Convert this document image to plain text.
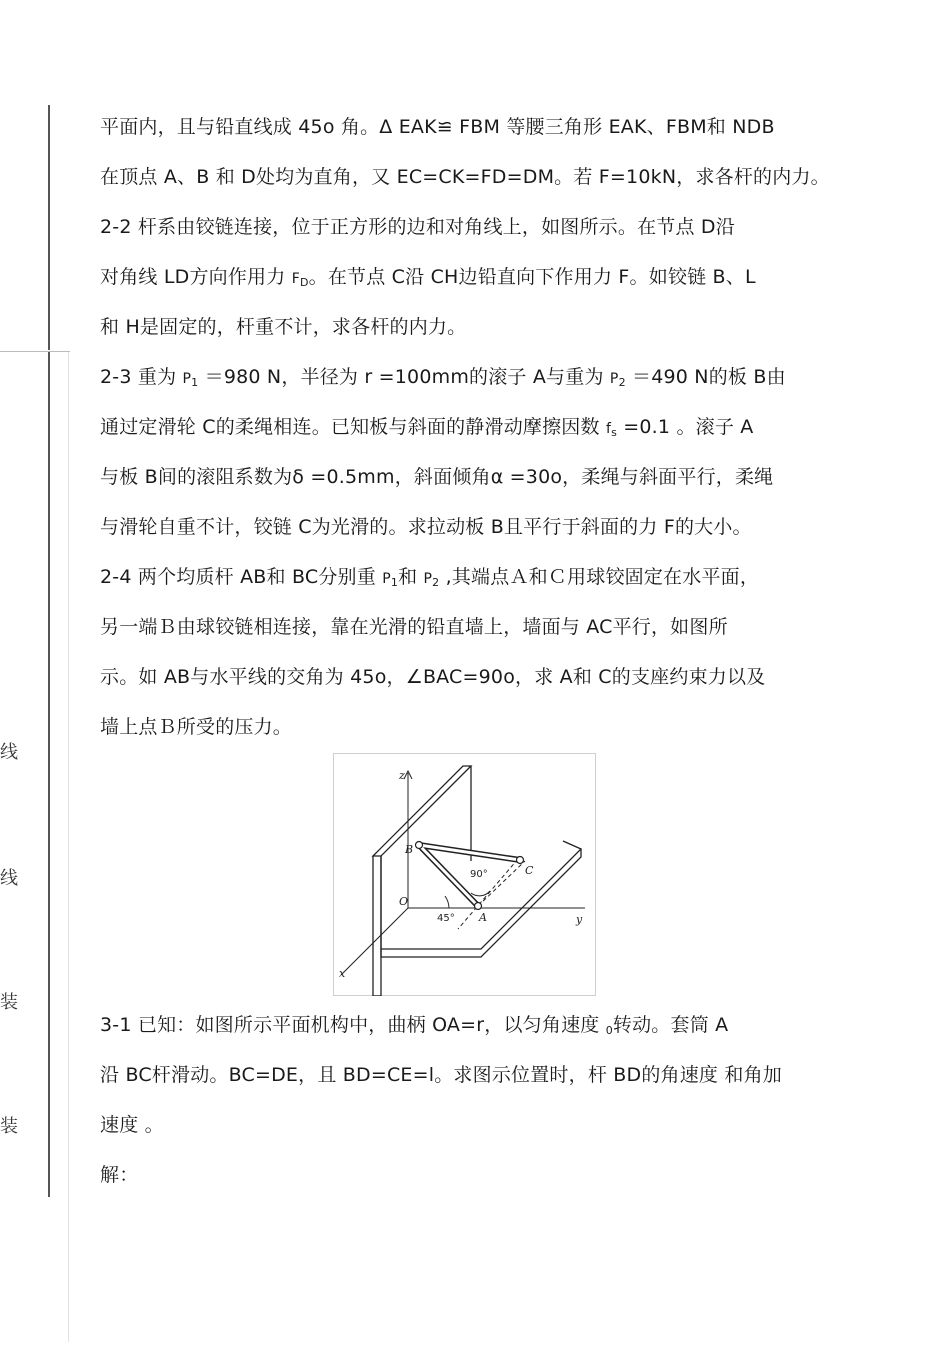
线
线
装
装
平面内，且与铅直线成 45o 角。Δ EAK≌ FBM 等腰三角形 EAK、FBM和 NDB
在顶点 A、B 和 D处均为直角，又 EC=CK=FD=DM。若 F=10kN，求各杆的内力。
2-2 杆系由铰链连接，位于正方形的边和对角线上，如图所示。在节点 D沿
对角线 LD方向作用力 $F_D$。在节点 C沿 CH边铅直向下作用力 F。如铰链 B、L
和 H是固定的，杆重不计，求各杆的内力。
2-3 重为 $P_1 =980$ N，半径为 r =100mm的滚子 A与重为 $P_2 =490$ N的板 B由
通过定滑轮 C的柔绳相连。已知板与斜面的静滑动摩擦因数 $f_s =0.1$ 。滚子 A
与板 B间的滚阻系数为δ =0.5mm，斜面倾角α =30o，柔绳与斜面平行，柔绳
与滑轮自重不计，铰链 C为光滑的。求拉动板 B且平行于斜面的力 F的大小。
2-4 两个均质杆 AB和 BC分别重 $P_1$和 $P_2$ ,其端点Ａ和Ｃ用球铰固定在水平面，
另一端Ｂ由球铰链相连接，靠在光滑的铅直墙上，墙面与 AC平行，如图所
示。如 AB与水平线的交角为 45o，∠BAC=90o，求 A和 C的支座约束力以及
墙上点Ｂ所受的压力。
3-1 已知：如图所示平面机构中，曲柄 OA=r，以匀角速度 $_0$转动。套筒 A
沿 BC杆滑动。BC=DE，且 BD=CE=l。求图示位置时，杆 BD的角速度 和角加
速度 。
解：
z
B
C
O
A	y
x
90°
45°
